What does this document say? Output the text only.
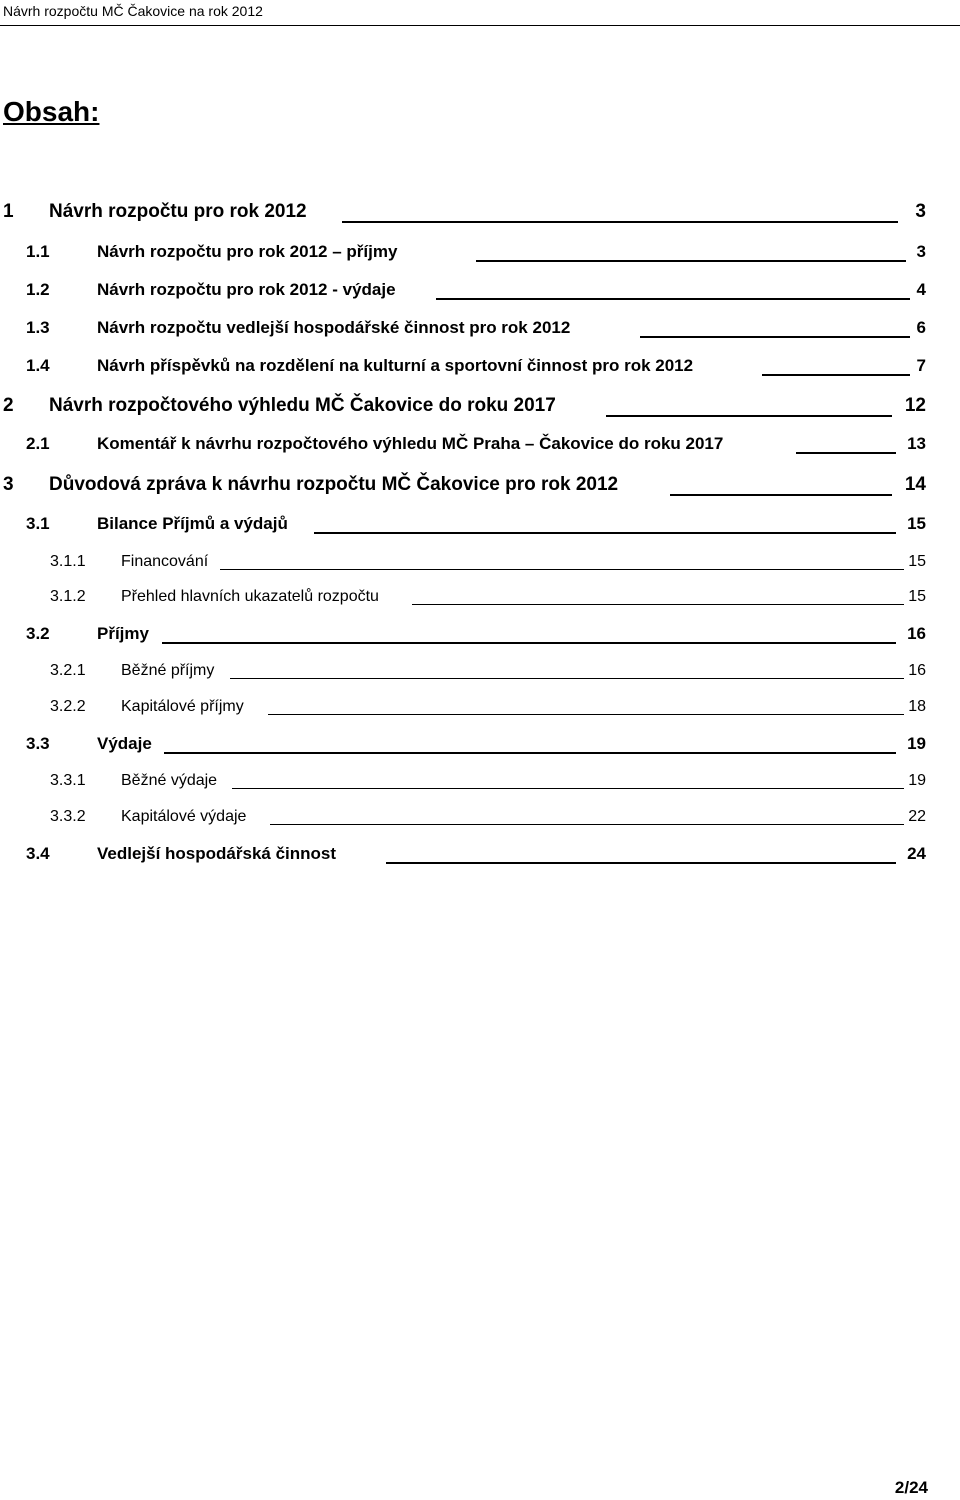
Návrh rozpočtu MČ Čakovice na rok 2012
Obsah:
1 Návrh rozpočtu pro rok 2012	3
1.1	Návrh rozpočtu pro rok 2012 – příjmy	3
1.2	Návrh rozpočtu pro rok 2012 - výdaje	4
1.3	Návrh rozpočtu vedlejší hospodářské činnost pro rok 2012	6
1.4	Návrh příspěvků na rozdělení na kulturní a sportovní činnost pro rok 2012	7
2 Návrh rozpočtového výhledu MČ Čakovice do roku 2017	12
2.1	Komentář k návrhu rozpočtového výhledu MČ Praha – Čakovice do roku 2017	13
3 Důvodová zpráva k návrhu rozpočtu MČ Čakovice pro rok 2012	14
3.1	Bilance Příjmů a výdajů	15
3.1.1 Financování	15
3.1.2 Přehled hlavních ukazatelů rozpočtu	15
3.2	Příjmy	16
3.2.1 Běžné příjmy	16
3.2.2 Kapitálové příjmy	18
3.3	Výdaje	19
3.3.1 Běžné výdaje	19
3.3.2 Kapitálové výdaje	22
3.4	Vedlejší hospodářská činnost	24
2/24
